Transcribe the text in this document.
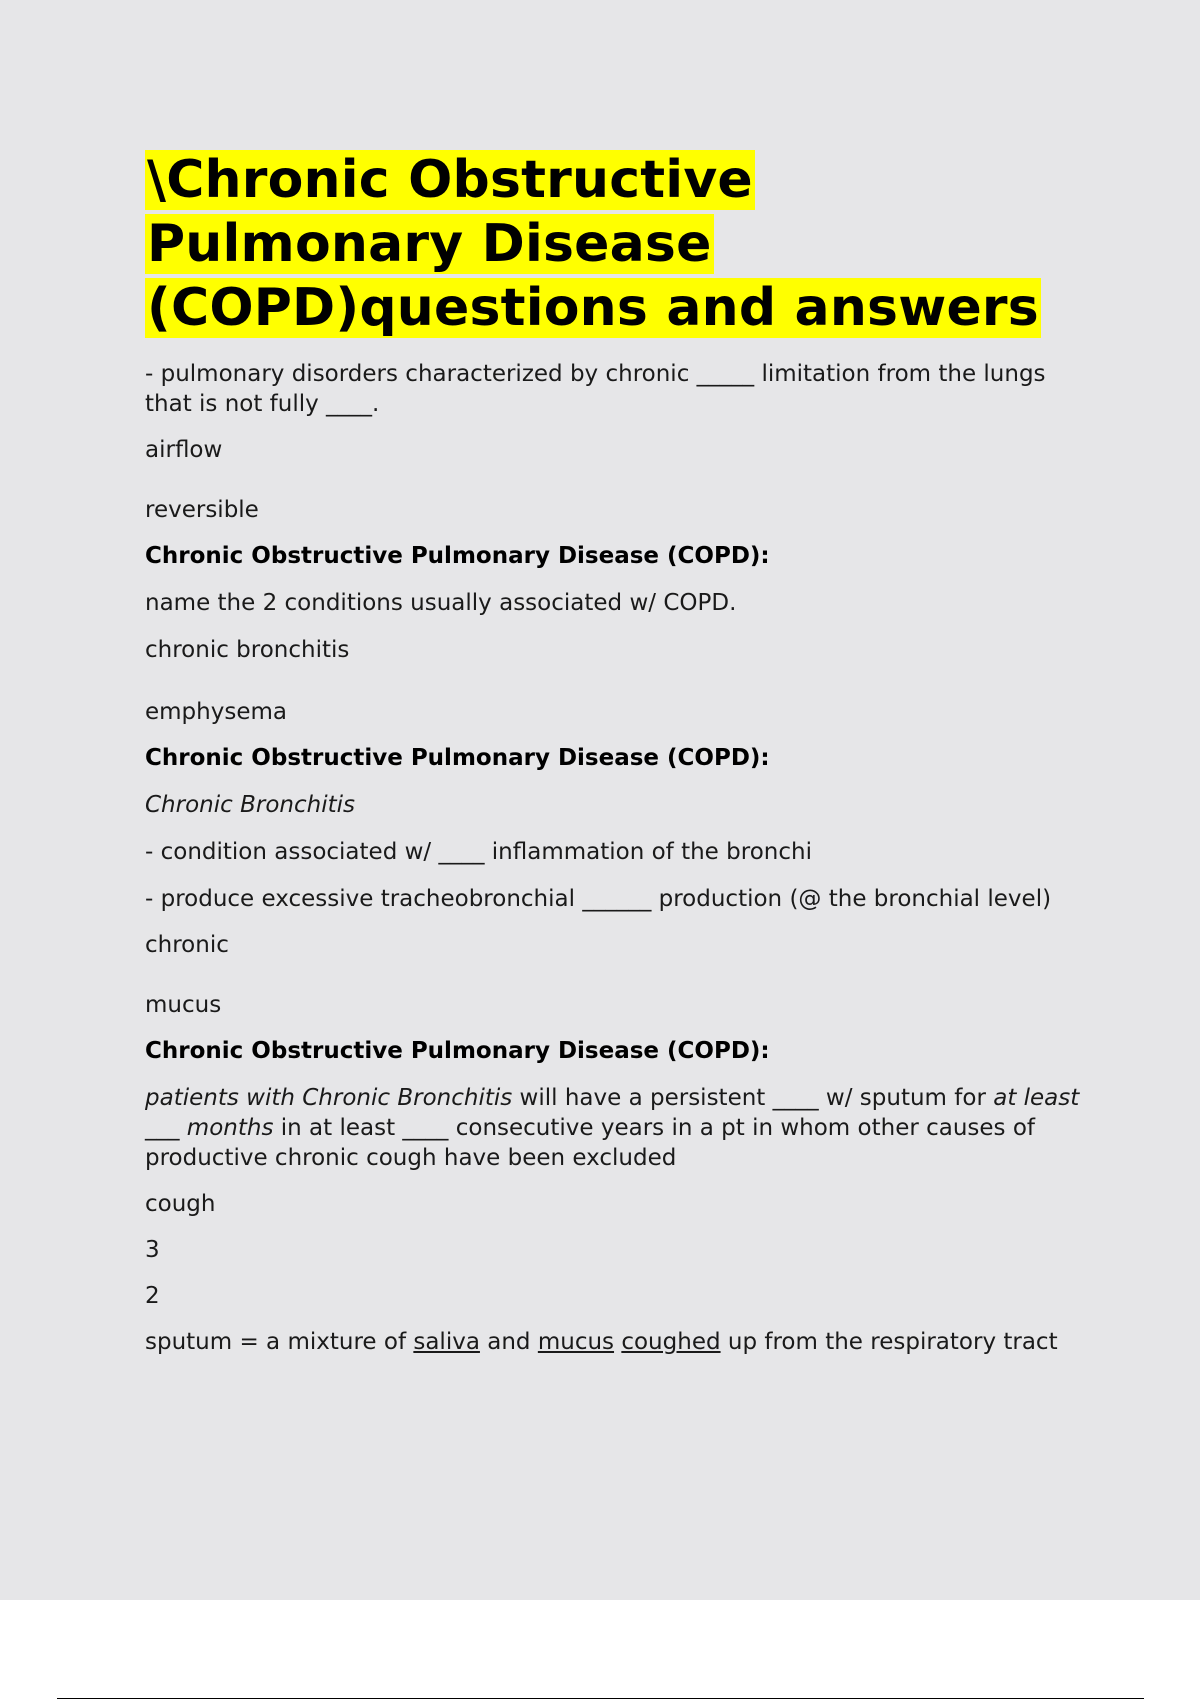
\Chronic Obstructive Pulmonary Disease (COPD)questions and answers

- pulmonary disorders characterized by chronic _____ limitation from the lungs that is not fully ____.

airflow

reversible

Chronic Obstructive Pulmonary Disease (COPD):

name the 2 conditions usually associated w/ COPD.

chronic bronchitis

emphysema

Chronic Obstructive Pulmonary Disease (COPD):

Chronic Bronchitis

- condition associated w/ ____ inflammation of the bronchi

- produce excessive tracheobronchial ______ production (@ the bronchial level)

chronic

mucus

Chronic Obstructive Pulmonary Disease (COPD):

patients with Chronic Bronchitis will have a persistent ____ w/ sputum for at least ___ months in at least ____ consecutive years in a pt in whom other causes of productive chronic cough have been excluded

cough

3

2

sputum = a mixture of saliva and mucus coughed up from the respiratory tract
